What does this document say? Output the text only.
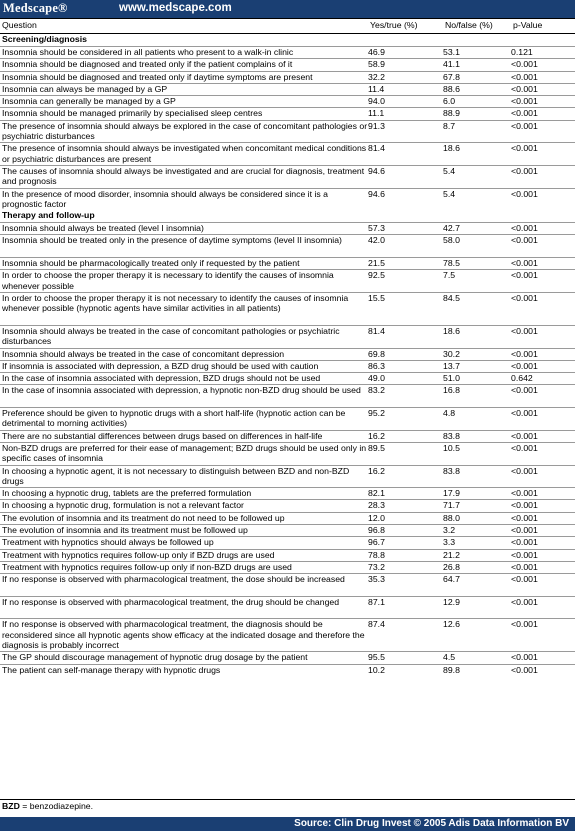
Medscape®	www.medscape.com
Question	Yes/true (%)	No/false (%)	p-Value
Screening/diagnosis			
Insomnia should be considered in all patients who present to a walk-in clinic	46.9	53.1	0.121
Insomnia should be diagnosed and treated only if the patient complains of it	58.9	41.1	<0.001
Insomnia should be diagnosed and treated only if daytime symptoms are present	32.2	67.8	<0.001
Insomnia can always be managed by a GP	11.4	88.6	<0.001
Insomnia can generally be managed by a GP	94.0	6.0	<0.001
Insomnia should be managed primarily by specialised sleep centres	11.1	88.9	<0.001
The presence of insomnia should always be explored in the case of concomitant pathologies or psychiatric disturbances	91.3	8.7	<0.001
The presence of insomnia should always be investigated when concomitant medical conditions or psychiatric disturbances are present	81.4	18.6	<0.001
The causes of insomnia should always be investigated and are crucial for diagnosis, treatment and prognosis	94.6	5.4	<0.001
In the presence of mood disorder, insomnia should always be considered since it is a prognostic factor	94.6	5.4	<0.001
Therapy and follow-up			
Insomnia should always be treated (level I insomnia)	57.3	42.7	<0.001
Insomnia should be treated only in the presence of daytime symptoms (level II insomnia)	42.0	58.0	<0.001
Insomnia should be pharmacologically treated only if requested by the patient	21.5	78.5	<0.001
In order to choose the proper therapy it is necessary to identify the causes of insomnia whenever possible	92.5	7.5	<0.001
In order to choose the proper therapy it is not necessary to identify the causes of insomnia whenever possible (hypnotic agents have similar activities in all patients)	15.5	84.5	<0.001
Insomnia should always be treated in the case of concomitant pathologies or psychiatric disturbances	81.4	18.6	<0.001
Insomnia should always be treated in the case of concomitant depression	69.8	30.2	<0.001
If insomnia is associated with depression, a BZD drug should be used with caution	86.3	13.7	<0.001
In the case of insomnia associated with depression, BZD drugs should not be used	49.0	51.0	0.642
In the case of insomnia associated with depression, a hypnotic non-BZD drug should be used	83.2	16.8	<0.001
Preference should be given to hypnotic drugs with a short half-life (hypnotic action can be detrimental to morning activities)	95.2	4.8	<0.001
There are no substantial differences between drugs based on differences in half-life	16.2	83.8	<0.001
Non-BZD drugs are preferred for their ease of management; BZD drugs should be used only in specific cases of insomnia	89.5	10.5	<0.001
In choosing a hypnotic agent, it is not necessary to distinguish between BZD and non-BZD drugs	16.2	83.8	<0.001
In choosing a hypnotic drug, tablets are the preferred formulation	82.1	17.9	<0.001
In choosing a hypnotic drug, formulation is not a relevant factor	28.3	71.7	<0.001
The evolution of insomnia and its treatment do not need to be followed up	12.0	88.0	<0.001
The evolution of insomnia and its treatment must be followed up	96.8	3.2	<0.001
Treatment with hypnotics should always be followed up	96.7	3.3	<0.001
Treatment with hypnotics requires follow-up only if BZD drugs are used	78.8	21.2	<0.001
Treatment with hypnotics requires follow-up only if non-BZD drugs are used	73.2	26.8	<0.001
If no response is observed with pharmacological treatment, the dose should be increased	35.3	64.7	<0.001
If no response is observed with pharmacological treatment, the drug should be changed	87.1	12.9	<0.001
If no response is observed with pharmacological treatment, the diagnosis should be reconsidered since all hypnotic agents show efficacy at the indicated dosage and therefore the diagnosis is probably incorrect	87.4	12.6	<0.001
The GP should discourage management of hypnotic drug dosage by the patient	95.5	4.5	<0.001
The patient can self-manage therapy with hypnotic drugs	10.2	89.8	<0.001
BZD = benzodiazepine.
Source: Clin Drug Invest © 2005 Adis Data Information BV
